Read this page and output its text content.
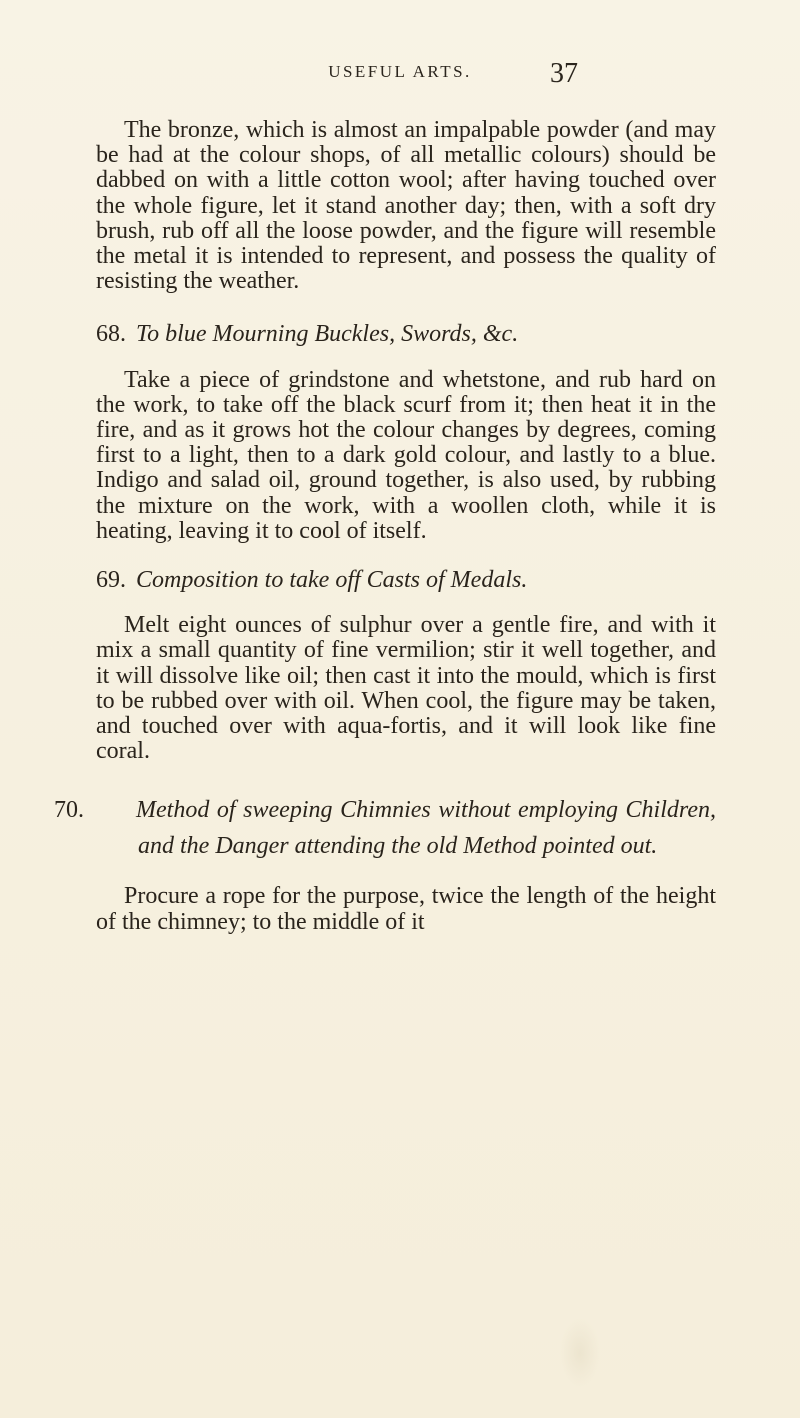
USEFUL ARTS.	37

The bronze, which is almost an impalpable powder (and may be had at the colour shops, of all metallic colours) should be dabbed on with a little cotton wool; after having touched over the whole figure, let it stand another day; then, with a soft dry brush, rub off all the loose powder, and the figure will resemble the metal it is intended to represent, and possess the quality of resisting the weather.

68. To blue Mourning Buckles, Swords, &c.

Take a piece of grindstone and whetstone, and rub hard on the work, to take off the black scurf from it; then heat it in the fire, and as it grows hot the colour changes by degrees, coming first to a light, then to a dark gold colour, and lastly to a blue. Indigo and salad oil, ground together, is also used, by rubbing the mixture on the work, with a woollen cloth, while it is heating, leaving it to cool of itself.

69. Composition to take off Casts of Medals.

Melt eight ounces of sulphur over a gentle fire, and with it mix a small quantity of fine vermilion; stir it well together, and it will dissolve like oil; then cast it into the mould, which is first to be rubbed over with oil. When cool, the figure may be taken, and touched over with aqua-fortis, and it will look like fine coral.

70. Method of sweeping Chimnies without employing Children, and the Danger attending the old Method pointed out.

Procure a rope for the purpose, twice the length of the height of the chimney; to the middle of it
